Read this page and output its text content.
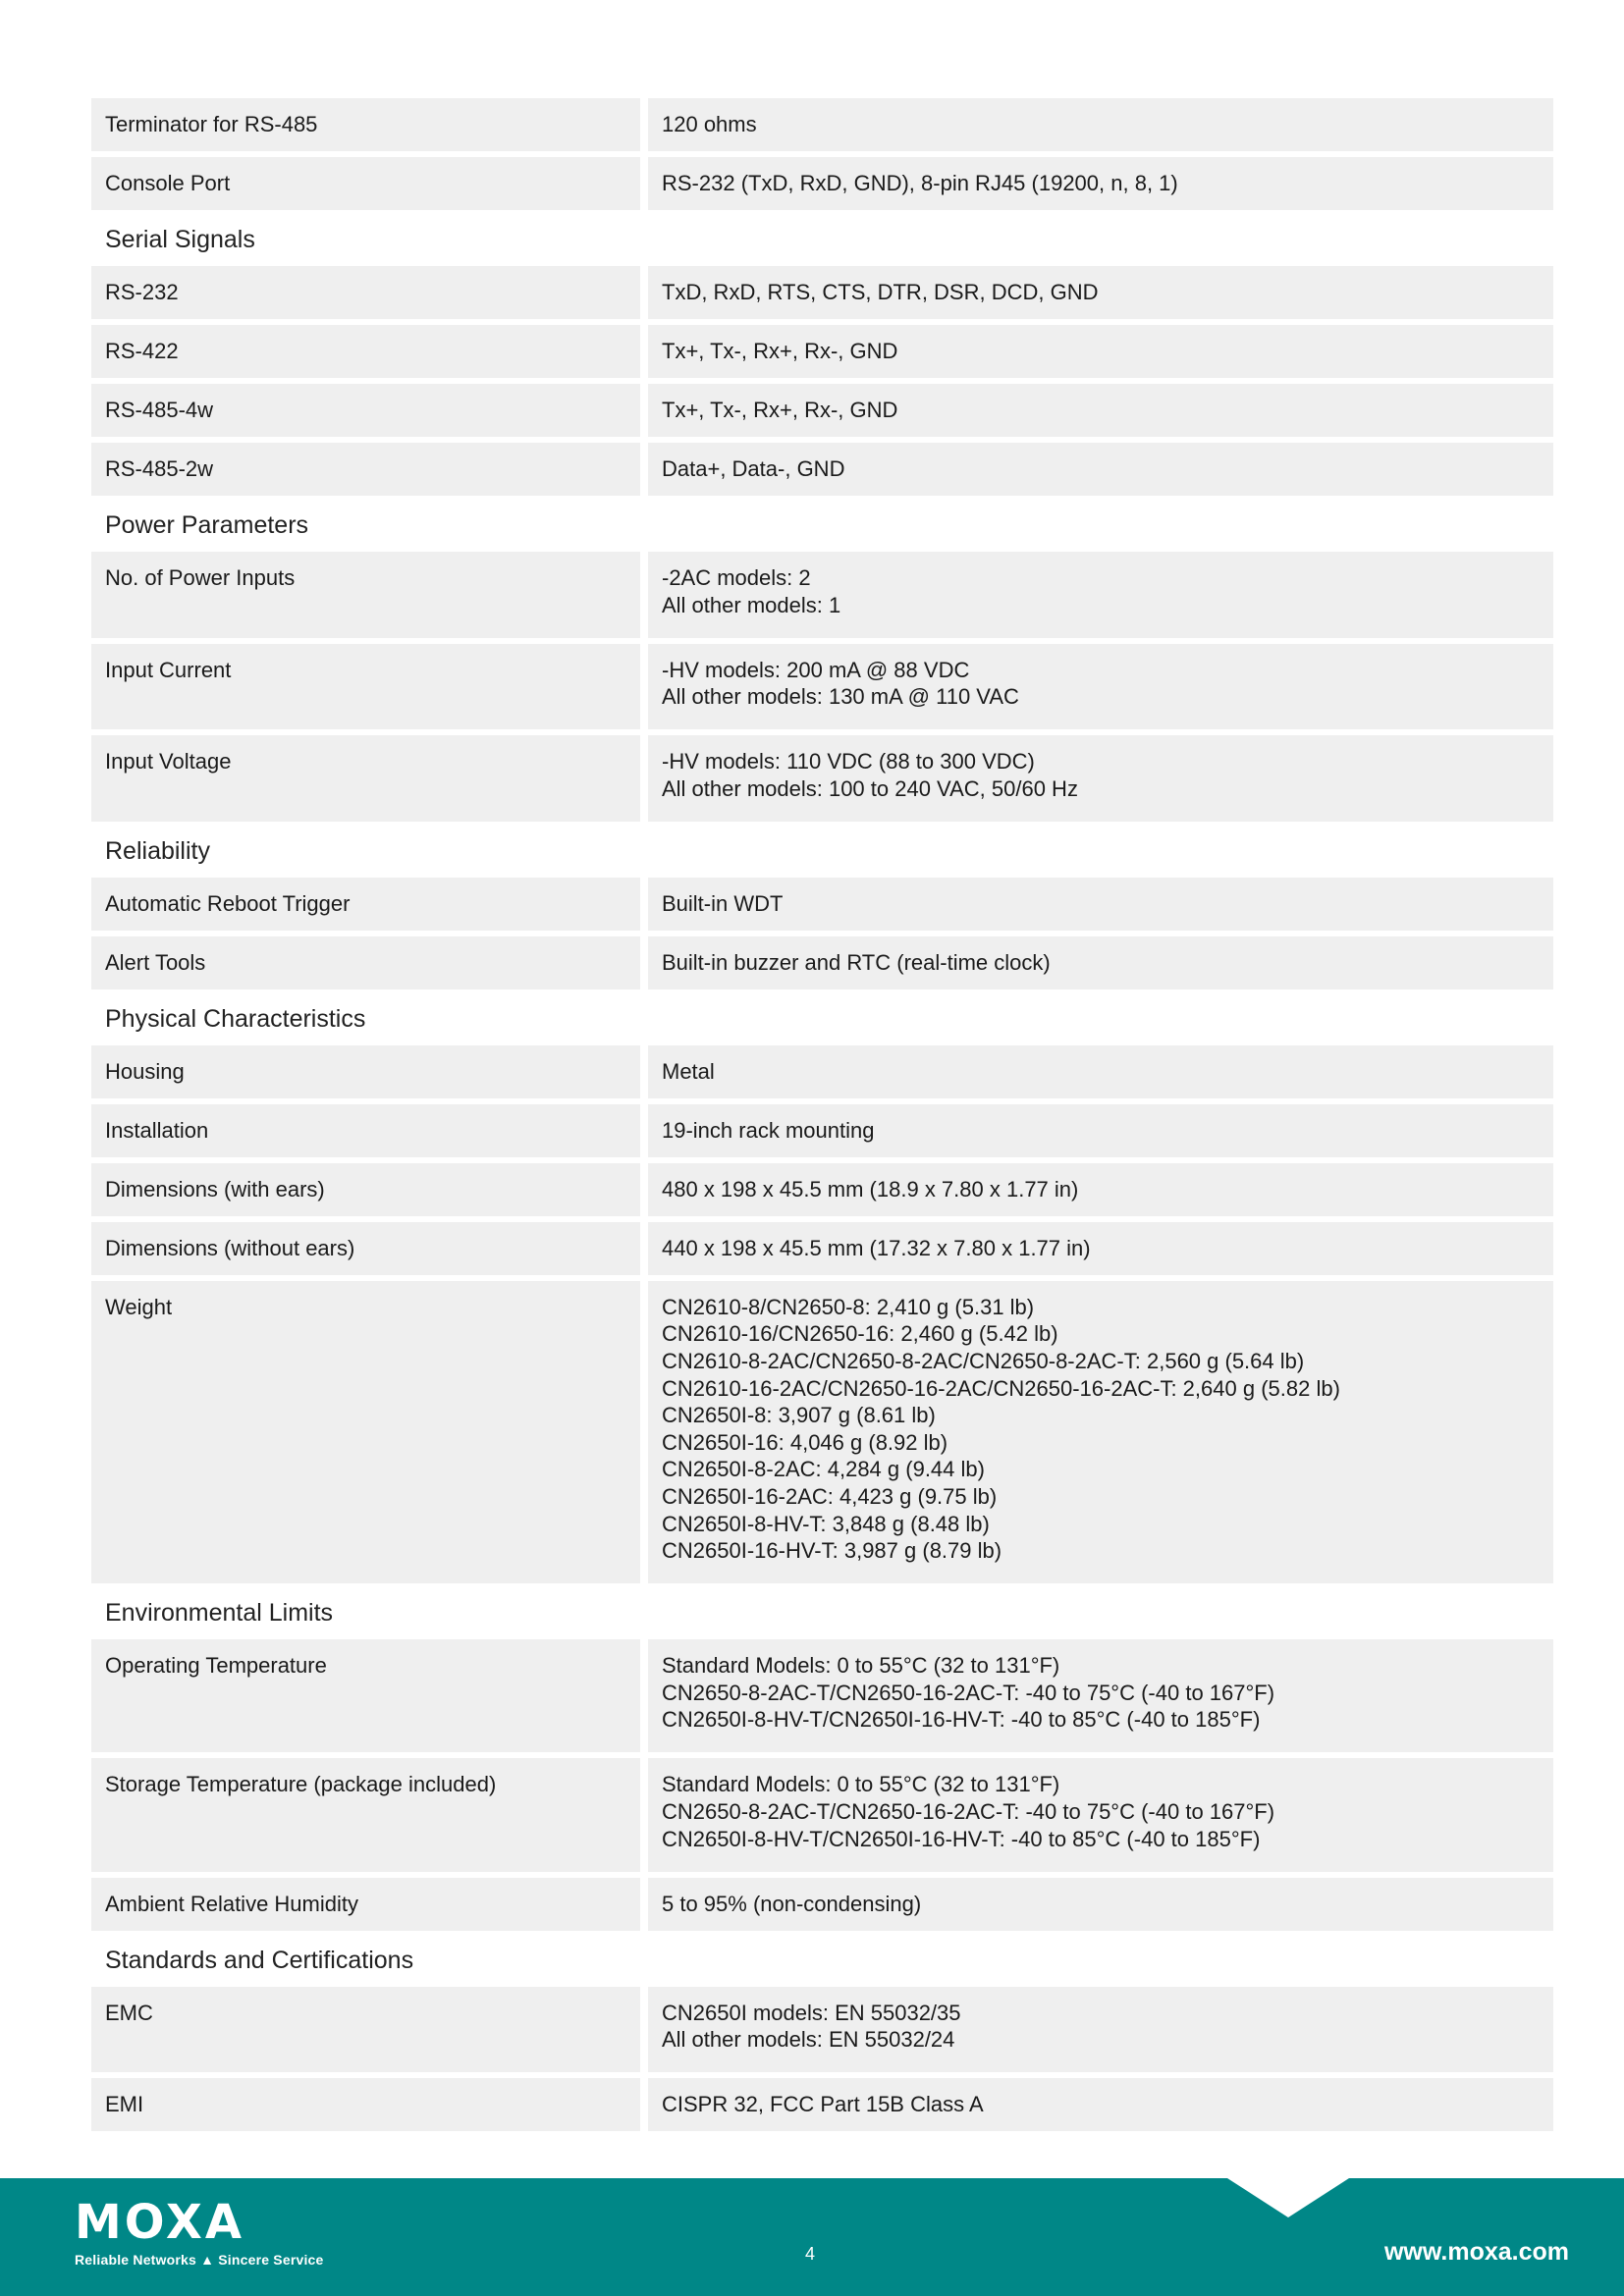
Terminator for RS-485	120 ohms
Console Port	RS-232 (TxD, RxD, GND), 8-pin RJ45 (19200, n, 8, 1)
Serial Signals
RS-232	TxD, RxD, RTS, CTS, DTR, DSR, DCD, GND
RS-422	Tx+, Tx-, Rx+, Rx-, GND
RS-485-4w	Tx+, Tx-, Rx+, Rx-, GND
RS-485-2w	Data+, Data-, GND
Power Parameters
No. of Power Inputs	-2AC models: 2
All other models: 1
Input Current	-HV models: 200 mA @ 88 VDC
All other models: 130 mA @ 110 VAC
Input Voltage	-HV models: 110 VDC (88 to 300 VDC)
All other models: 100 to 240 VAC, 50/60 Hz
Reliability
Automatic Reboot Trigger	Built-in WDT
Alert Tools	Built-in buzzer and RTC (real-time clock)
Physical Characteristics
Housing	Metal
Installation	19-inch rack mounting
Dimensions (with ears)	480 x 198 x 45.5 mm (18.9 x 7.80 x 1.77 in)
Dimensions (without ears)	440 x 198 x 45.5 mm (17.32 x 7.80 x 1.77 in)
Weight	CN2610-8/CN2650-8: 2,410 g (5.31 lb)
CN2610-16/CN2650-16: 2,460 g (5.42 lb)
CN2610-8-2AC/CN2650-8-2AC/CN2650-8-2AC-T: 2,560 g (5.64 lb)
CN2610-16-2AC/CN2650-16-2AC/CN2650-16-2AC-T: 2,640 g (5.82 lb)
CN2650I-8: 3,907 g (8.61 lb)
CN2650I-16: 4,046 g (8.92 lb)
CN2650I-8-2AC: 4,284 g (9.44 lb)
CN2650I-16-2AC: 4,423 g (9.75 lb)
CN2650I-8-HV-T: 3,848 g (8.48 lb)
CN2650I-16-HV-T: 3,987 g (8.79 lb)
Environmental Limits
Operating Temperature	Standard Models: 0 to 55°C (32 to 131°F)
CN2650-8-2AC-T/CN2650-16-2AC-T: -40 to 75°C (-40 to 167°F)
CN2650I-8-HV-T/CN2650I-16-HV-T: -40 to 85°C (-40 to 185°F)
Storage Temperature (package included)	Standard Models: 0 to 55°C (32 to 131°F)
CN2650-8-2AC-T/CN2650-16-2AC-T: -40 to 75°C (-40 to 167°F)
CN2650I-8-HV-T/CN2650I-16-HV-T: -40 to 85°C (-40 to 185°F)
Ambient Relative Humidity	5 to 95% (non-condensing)
Standards and Certifications
EMC	CN2650I models: EN 55032/35
All other models: EN 55032/24
EMI	CISPR 32, FCC Part 15B Class A
MOXA
Reliable Networks ▲ Sincere Service	4	www.moxa.com
